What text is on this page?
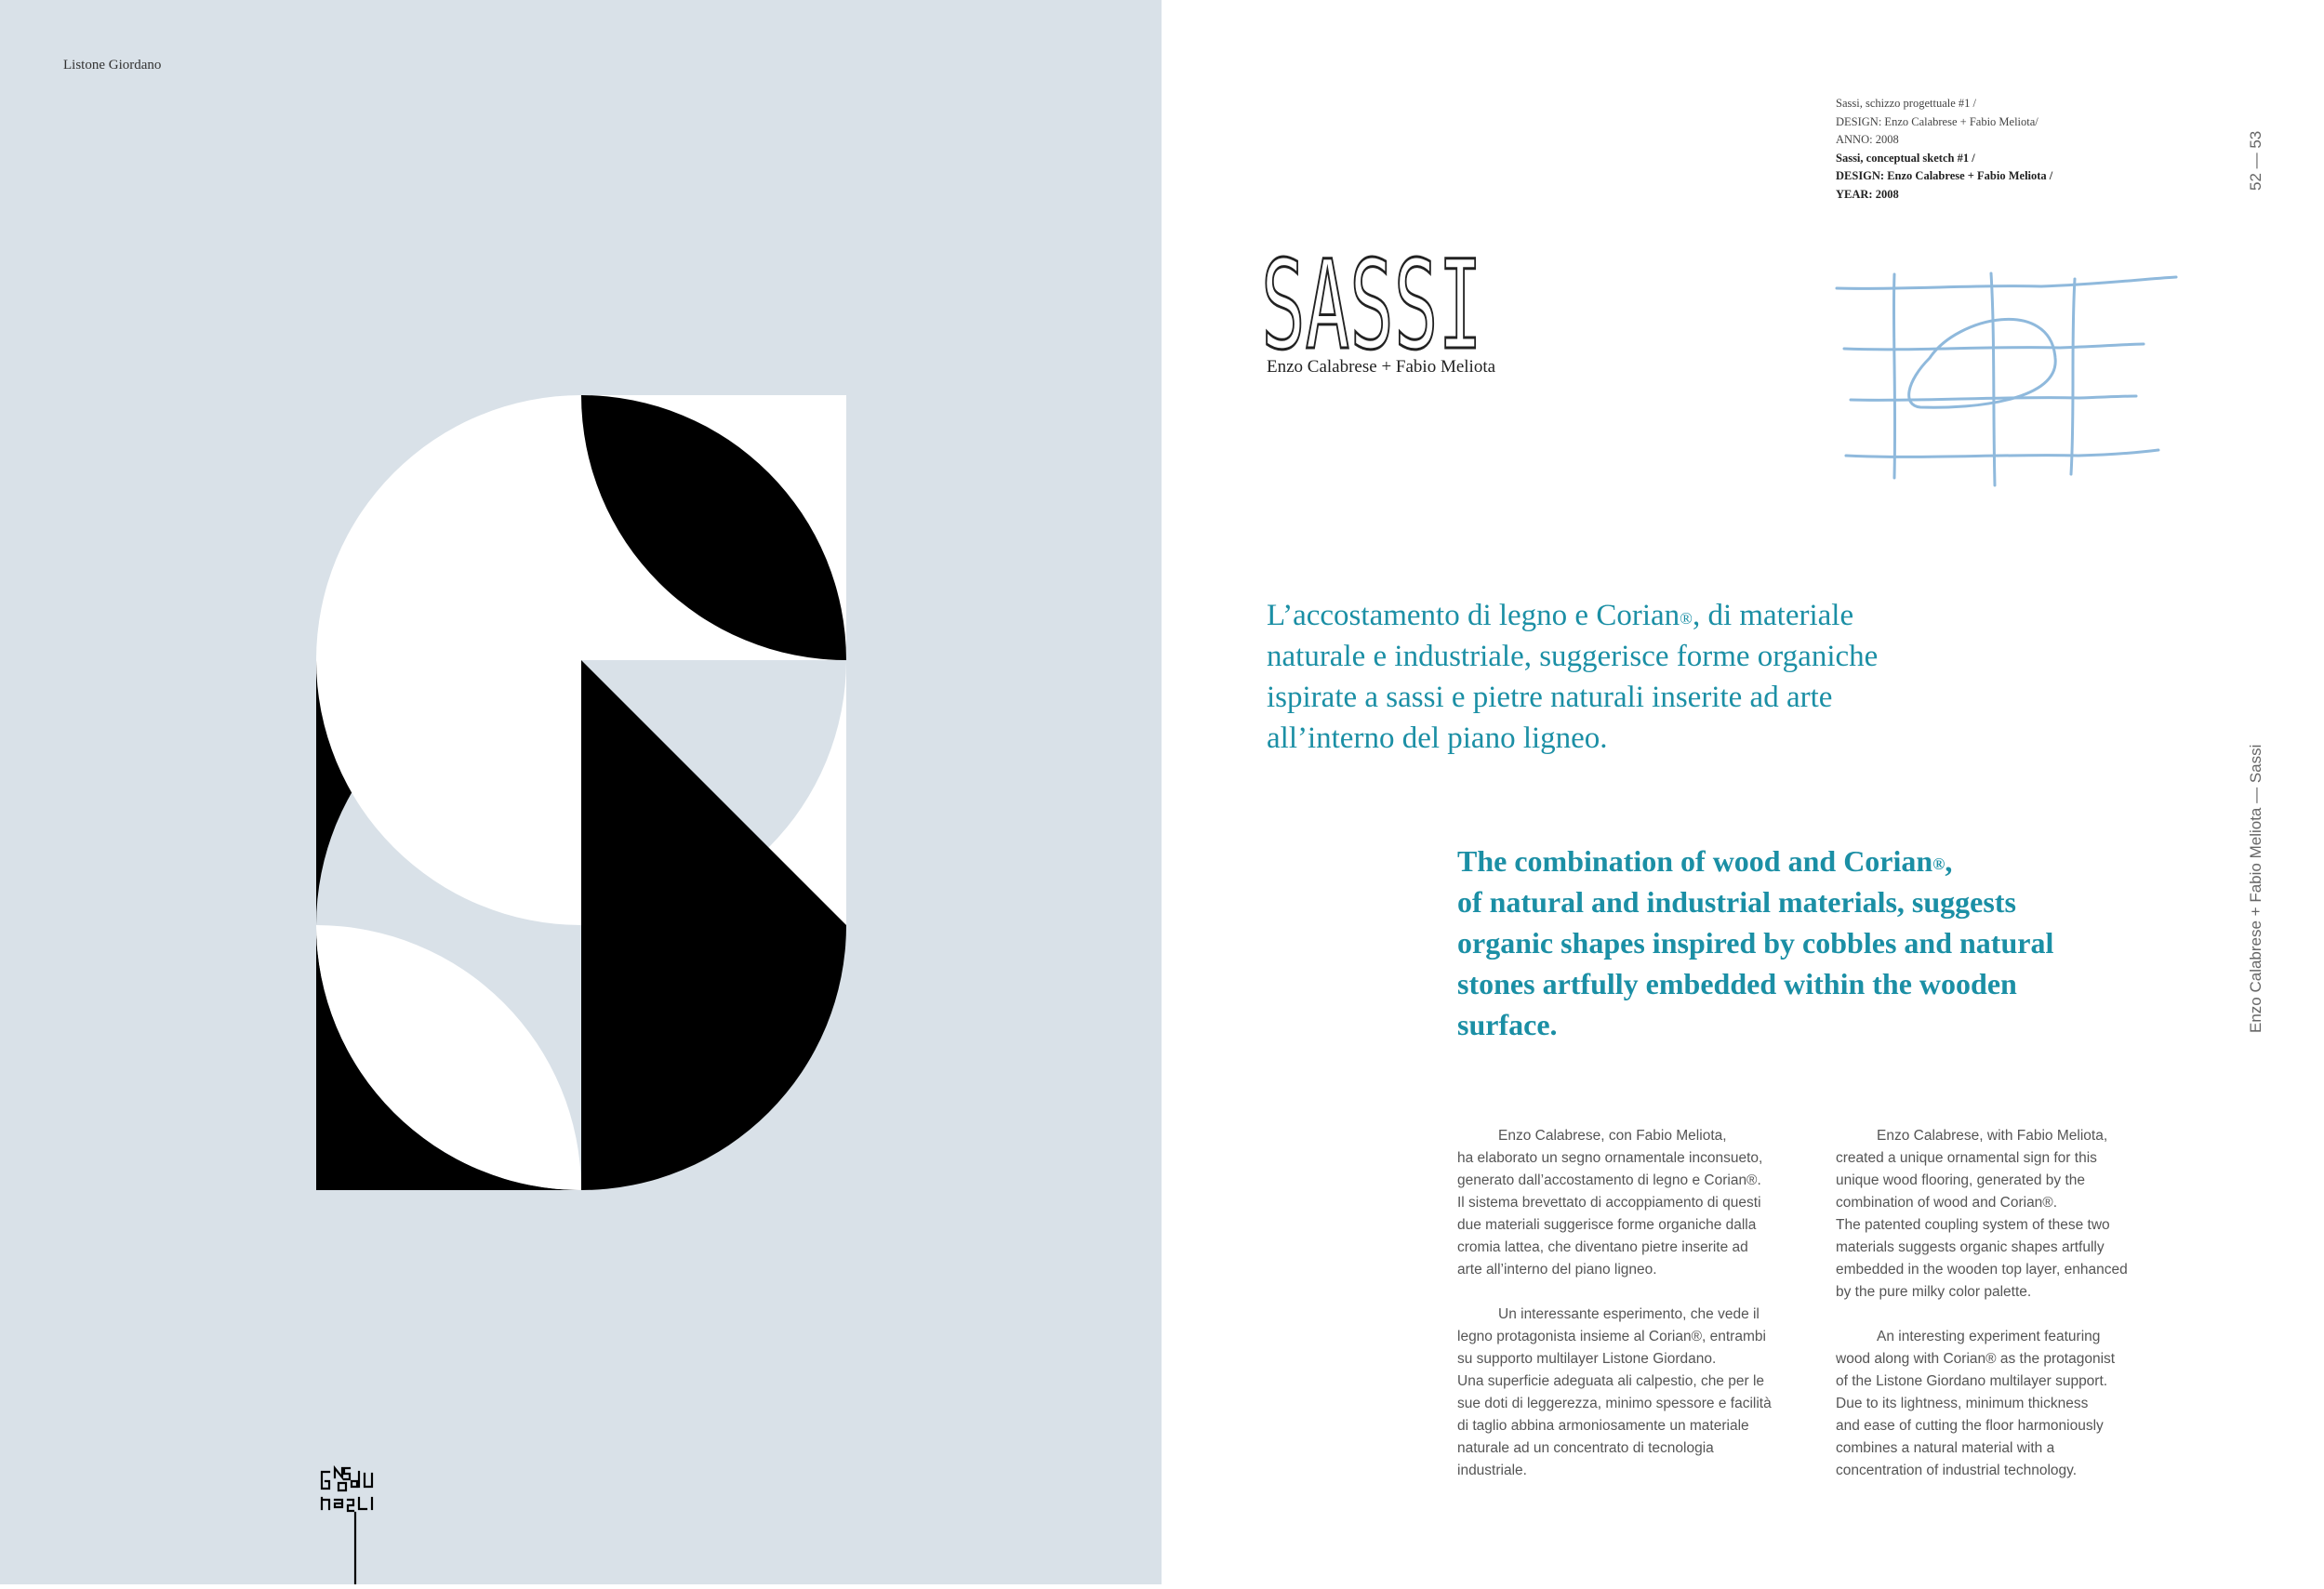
Listone Giordano
52 — 53
Enzo Calabrese + Fabio Meliota — Sassi
Sassi, schizzo progettuale #1 /
DESIGN: Enzo Calabrese + Fabio Meliota/
ANNO: 2008
Sassi, conceptual sketch #1 /
DESIGN: Enzo Calabrese + Fabio Meliota /
YEAR: 2008
SASSI
Enzo Calabrese + Fabio Meliota
L’accostamento di legno e Corian®, di materiale
naturale e industriale, suggerisce forme organiche
ispirate a sassi e pietre naturali inserite ad arte
all’interno del piano ligneo.
The combination of wood and Corian®,
of natural and industrial materials, suggests
organic shapes inspired by cobbles and natural
stones artfully embedded within the wooden
surface.
Enzo Calabrese, con Fabio Meliota,
ha elaborato un segno ornamentale inconsueto,
generato dall’accostamento di legno e Corian®.
Il sistema brevettato di accoppiamento di questi
due materiali suggerisce forme organiche dalla
cromia lattea, che diventano pietre inserite ad
arte all’interno del piano ligneo.
Un interessante esperimento, che vede il
legno protagonista insieme al Corian®, entrambi
su supporto multilayer Listone Giordano.
Una superficie adeguata ali calpestio, che per le
sue doti di leggerezza, minimo spessore e facilità
di taglio abbina armoniosamente un materiale
naturale ad un concentrato di tecnologia
industriale.
Enzo Calabrese, with Fabio Meliota,
created a unique ornamental sign for this
unique wood flooring, generated by the
combination of wood and Corian®.
The patented coupling system of these two
materials suggests organic shapes artfully
embedded in the wooden top layer, enhanced
by the pure milky color palette.
An interesting experiment featuring
wood along with Corian® as the protagonist
of the Listone Giordano multilayer support.
Due to its lightness, minimum thickness
and ease of cutting the floor harmoniously
combines a natural material with a
concentration of industrial technology.
